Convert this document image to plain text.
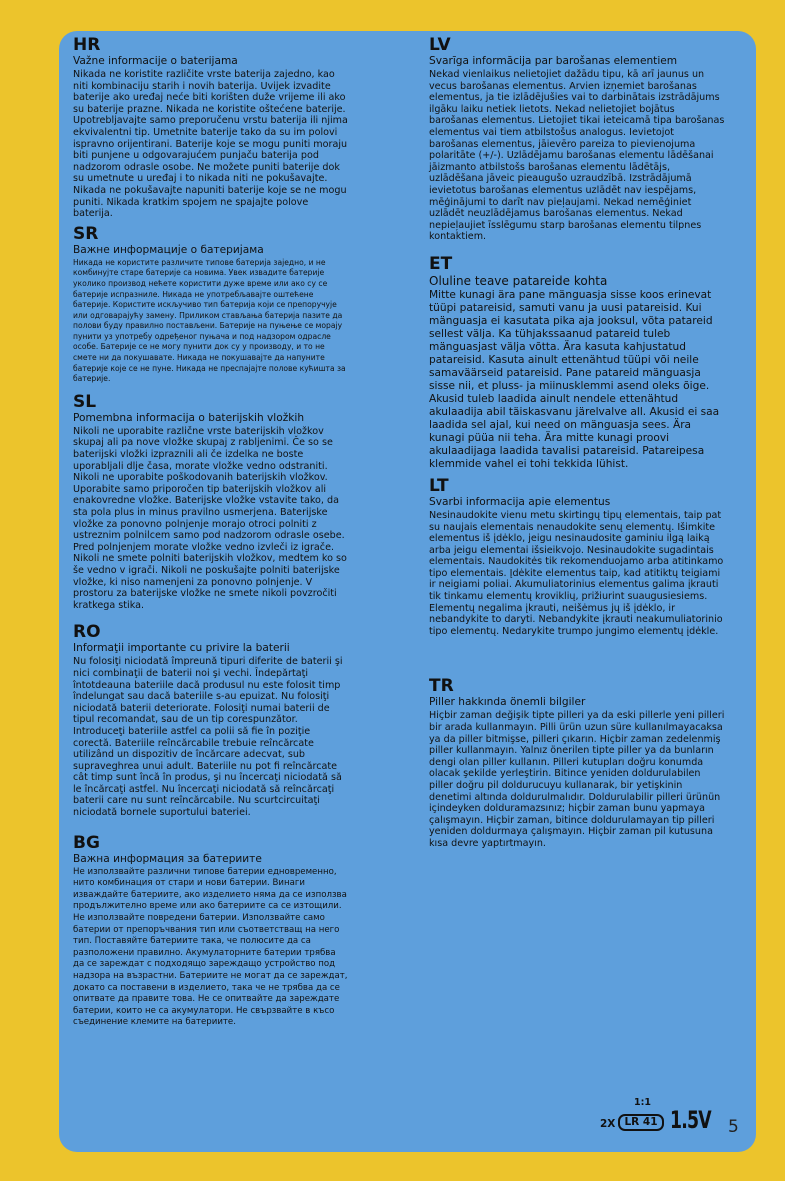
HR
Važne informacije o baterijama

Nikada ne koristite različite vrste baterija zajedno, kao niti kombinaciju starih i novih baterija. Uvijek izvadite baterije ako uređaj neće biti korišten duže vrijeme ili ako su baterije prazne. Nikada ne koristite oštećene baterije. Upotrebljavajte samo preporučenu vrstu baterija ili njima ekvivalentni tip. Umetnite baterije tako da su im polovi ispravno orijentirani. Baterije koje se mogu puniti moraju biti punjene u odgovarajućem punjaču baterija pod nadzorom odrasle osobe. Ne možete puniti baterije dok su umetnute u uređaj i to nikada niti ne pokušavajte. Nikada ne pokušavajte napuniti baterije koje se ne mogu puniti. Nikada kratkim spojem ne spajajte polove baterija.

SR
Важне информације о батеријама

Никада не користите различите типове батерија заједно, и не комбинујте старе батерије са новима. Увек извадите батерије уколико производ нећете користити дуже време или ако су се батерије испразниле. Никада не употребљавајте оштећене батерије. Користите искључиво тип батерија који се препоручује или одговарајућу замену. Приликом стављања батерија пазите да полови буду правилно постављени. Батерије на пуњење се морају пунити уз употребу одређеног пуњача и под надзором одрасле особе. Батерије се не могу пунити док су у производу, и то не смете ни да покушавате. Никада не покушавајте да напуните батерије које се не пуне. Никада не преспајајте полове кућишта за батерије.

SL
Pomembna informacija o baterijskih vložkih

Nikoli ne uporabite različne vrste baterijskih vložkov skupaj ali pa nove vložke skupaj z rabljenimi. Če so se baterijski vložki izpraznili ali če izdelka ne boste uporabljali dlje časa, morate vložke vedno odstraniti. Nikoli ne uporabite poškodovanih baterijskih vložkov. Uporabite samo priporočen tip baterijskih vložkov ali enakovredne vložke. Baterijske vložke vstavite tako, da sta pola plus in minus pravilno usmerjena. Baterijske vložke za ponovno polnjenje morajo otroci polniti z ustreznim polnilcem samo pod nadzorom odrasle osebe. Pred polnjenjem morate vložke vedno izvleči iz igrače. Nikoli ne smete polniti baterijskih vložkov, medtem ko so še vedno v igrači. Nikoli ne poskušajte polniti baterijske vložke, ki niso namenjeni za ponovno polnjenje. V prostoru za baterijske vložke ne smete nikoli povzročiti kratkega stika.

RO
Informaţii importante cu privire la baterii

Nu folosiţi niciodată împreună tipuri diferite de baterii şi nici combinaţii de baterii noi şi vechi. Îndepărtaţi întotdeauna bateriile dacă produsul nu este folosit timp îndelungat sau dacă bateriile s-au epuizat. Nu folosiţi niciodată baterii deteriorate. Folosiţi numai baterii de tipul recomandat, sau de un tip corespunzător. Introduceţi bateriile astfel ca polii să fie în poziţie corectă. Bateriile reîncărcabile trebuie reîncărcate utilizând un dispozitiv de încărcare adecvat, sub supraveghrea unui adult. Bateriile nu pot fi reîncărcate cât timp sunt încă în produs, şi nu încercaţi niciodată să le încărcaţi astfel. Nu încercaţi niciodată să reîncărcaţi baterii care nu sunt reîncărcabile. Nu scurtcircuitaţi niciodată bornele suportului bateriei.

BG
Важна информация за батериите

Не използвайте различни типове батерии едновременно, нито комбинация от стари и нови батерии. Винаги изваждайте батериите, ако изделието няма да се използва продължително време или ако батериите са се изтощили. Не използвайте повредени батерии. Използвайте само батерии от препоръчвания тип или съответстващ на него тип. Поставяйте батериите така, че полюсите да са разположени правилно. Акумулаторните батерии трябва да се зареждат с подходящо зареждащо устройство под надзора на възрастни. Батериите не могат да се зареждат, докато са поставени в изделието, така че не трябва да се опитвате да правите това. Не се опитвайте да зареждате батерии, които не са акумулатори. Не свързвайте в късо съединение клемите на батериите.

LV
Svarīga informācija par barošanas elementiem

Nekad vienlaikus nelietojiet dažādu tipu, kā arī jaunus un vecus barošanas elementus. Arvien izņemiet barošanas elementus, ja tie izlādējušies vai to darbinātais izstrādājums ilgāku laiku netiek lietots. Nekad nelietojiet bojātus barošanas elementus. Lietojiet tikai ieteicamā tipa barošanas elementus vai tiem atbilstošus analogus. Ievietojot barošanas elementus, jāievēro pareiza to pievienojuma polaritāte (+/-). Uzlādējamu barošanas elementu lādēšanai jāizmanto atbilstošs barošanas elementu lādētājs, uzlādēšana jāveic pieaugušo uzraudzībā. Izstrādājumā ievietotus barošanas elementus uzlādēt nav iespējams, mēģinājumi to darīt nav pieļaujami. Nekad nemēģiniet uzlādēt neuzlādējamus barošanas elementus. Nekad nepieļaujiet īsslēgumu starp barošanas elementu tilpnes kontaktiem.

ET
Oluline teave patareide kohta

Mitte kunagi ära pane mänguasja sisse koos erinevat tüüpi patareisid, samuti vanu ja uusi patareisid. Kui mänguasja ei kasutata pika aja jooksul, võta patareid sellest välja. Ka tühjakssaanud patareid tuleb mänguasjast välja võtta. Ära kasuta kahjustatud patareisid. Kasuta ainult ettenähtud tüüpi või neile samaväärseid patareisid. Pane patareid mänguasja sisse nii, et pluss- ja miinusklemmi asend oleks õige. Akusid tuleb laadida ainult nendele ettenähtud akulaadija abil täiskasvanu järelvalve all. Akusid ei saa laadida sel ajal, kui need on mänguasja sees. Ära kunagi püüa nii teha. Ära mitte kunagi proovi akulaadijaga laadida tavalisi patareisid. Patareipesa klemmide vahel ei tohi tekkida lühist.

LT
Svarbi informacija apie elementus

Nesinaudokite vienu metu skirtingų tipų elementais, taip pat su naujais elementais nenaudokite senų elementų. Išimkite elementus iš įdėklo, jeigu nesinaudosite gaminiu ilgą laiką arba jeigu elementai išsieikvojo. Nesinaudokite sugadintais elementais. Naudokitės tik rekomenduojamo arba atitinkamo tipo elementais. Įdėkite elementus taip, kad atitiktų teigiami ir neigiami poliai. Akumuliatorinius elementus galima įkrauti tik tinkamu elementų kroviklių, prižiurint suaugusiesiems. Elementų negalima įkrauti, neišėmus jų iš įdėklo, ir nebandykite to daryti. Nebandykite įkrauti neakumuliatorinio tipo elementų. Nedarykite trumpo jungimo elementų įdėkle.

TR
Piller hakkında önemli bilgiler

Hiçbir zaman değişik tipte pilleri ya da eski pillerle yeni pilleri bir arada kullanmayın. Pilli ürün uzun süre kullanılmayacaksa ya da piller bitmişse, pilleri çıkarın. Hiçbir zaman zedelenmiş piller kullanmayın. Yalnız önerilen tipte piller ya da bunların dengi olan piller kullanın. Pilleri kutupları doğru konumda olacak şekilde yerleştirin. Bitince yeniden doldurulabilen piller doğru pil doldurucuyu kullanarak, bir yetişkinin denetimi altında doldurulmalıdır. Doldurulabilir pilleri ürünün içindeyken dolduramazsınız; hiçbir zaman bunu yapmaya çalışmayın. Hiçbir zaman, bitince doldurulamayan tip pilleri yeniden doldurmaya çalışmayın. Hiçbir zaman pil kutusuna kısa devre yaptırtmayın.

1:1
2X LR 41 1.5V 5
